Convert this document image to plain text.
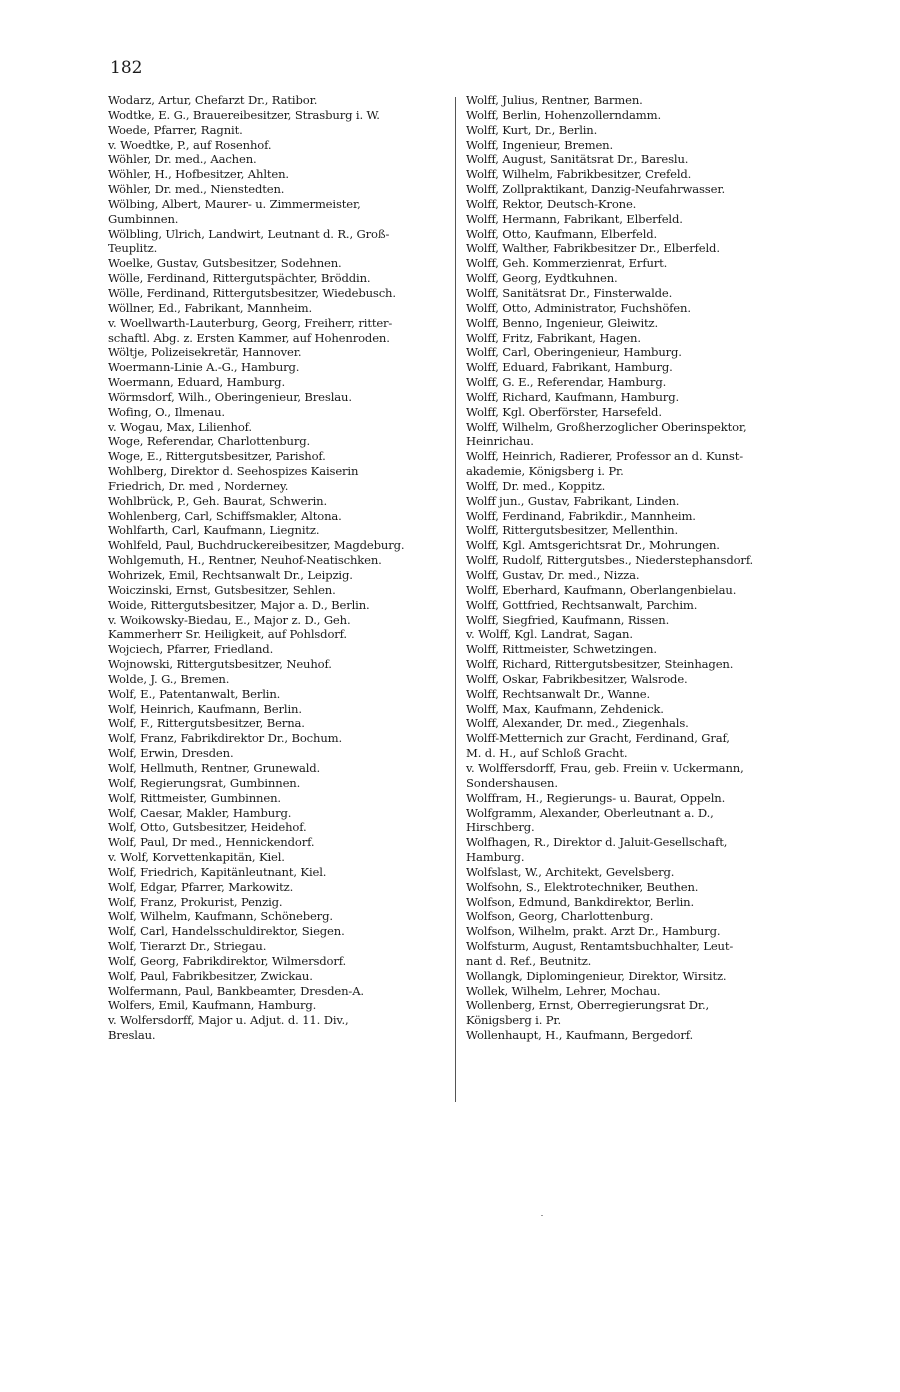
182

Wodarz, Artur, Chefarzt Dr., Ratibor.

Wodtke, E. G., Brauereibesitzer, Strasburg i. W.

Woede, Pfarrer, Ragnit.

v. Woedtke, P., auf Rosenhof.

Wöhler, Dr. med., Aachen.

Wöhler, H., Hofbesitzer, Ahlten.

Wöhler, Dr. med., Nienstedten.

Wölbing, Albert, Maurer- u. Zimmermeister,
Gumbinnen.

Wölbling, Ulrich, Landwirt, Leutnant d. R., Groß-
Teuplitz.

Woelke, Gustav, Gutsbesitzer, Sodehnen.

Wölle, Ferdinand, Rittergutspächter, Bröddin.

Wölle, Ferdinand, Rittergutsbesitzer, Wiedebusch.

Wöllner, Ed., Fabrikant, Mannheim.

v. Woellwarth-Lauterburg, Georg, Freiherr, ritter-
schaftl. Abg. z. Ersten Kammer, auf Hohenroden.

Wöltje, Polizeisekretär, Hannover.

Woermann-Linie A.-G., Hamburg.

Woermann, Eduard, Hamburg.

Wörmsdorf, Wilh., Oberingenieur, Breslau.

Wofing, O., Ilmenau.

v. Wogau, Max, Lilienhof.

Woge, Referendar, Charlottenburg.

Woge, E., Rittergutsbesitzer, Parishof.

Wohlberg, Direktor d. Seehospizes Kaiserin
Friedrich, Dr. med , Norderney.

Wohlbrück, P., Geh. Baurat, Schwerin.

Wohlenberg, Carl, Schiffsmakler, Altona.

Wohlfarth, Carl, Kaufmann, Liegnitz.

Wohlfeld, Paul, Buchdruckereibesitzer, Magdeburg.

Wohlgemuth, H., Rentner, Neuhof-Neatischken.

Wohrizek, Emil, Rechtsanwalt Dr., Leipzig.

Woiczinski, Ernst, Gutsbesitzer, Sehlen.

Woide, Rittergutsbesitzer, Major a. D., Berlin.

v. Woikowsky-Biedau, E., Major z. D., Geh.
Kammerherr Sr. Heiligkeit, auf Pohlsdorf.

Wojciech, Pfarrer, Friedland.

Wojnowski, Rittergutsbesitzer, Neuhof.

Wolde, J. G., Bremen.

Wolf, E., Patentanwalt, Berlin.

Wolf, Heinrich, Kaufmann, Berlin.

Wolf, F., Rittergutsbesitzer, Berna.

Wolf, Franz, Fabrikdirektor Dr., Bochum.

Wolf, Erwin, Dresden.

Wolf, Hellmuth, Rentner, Grunewald.

Wolf, Regierungsrat, Gumbinnen.

Wolf, Rittmeister, Gumbinnen.

Wolf, Caesar, Makler, Hamburg.

Wolf, Otto, Gutsbesitzer, Heidehof.

Wolf, Paul, Dr med., Hennickendorf.

v. Wolf, Korvettenkapitän, Kiel.

Wolf, Friedrich, Kapitänleutnant, Kiel.

Wolf, Edgar, Pfarrer, Markowitz.

Wolf, Franz, Prokurist, Penzig.

Wolf, Wilhelm, Kaufmann, Schöneberg.

Wolf, Carl, Handelsschuldirektor, Siegen.

Wolf, Tierarzt Dr., Striegau.

Wolf, Georg, Fabrikdirektor, Wilmersdorf.

Wolf, Paul, Fabrikbesitzer, Zwickau.

Wolfermann, Paul, Bankbeamter, Dresden-A.

Wolfers, Emil, Kaufmann, Hamburg.

v. Wolfersdorff, Major u. Adjut. d. 11. Div.,
Breslau.

Wolff, Julius, Rentner, Barmen.

Wolff, Berlin, Hohenzollerndamm.

Wolff, Kurt, Dr., Berlin.

Wolff, Ingenieur, Bremen.

Wolff, August, Sanitätsrat Dr., Bareslu.

Wolff, Wilhelm, Fabrikbesitzer, Crefeld.

Wolff, Zollpraktikant, Danzig-Neufahrwasser.

Wolff, Rektor, Deutsch-Krone.

Wolff, Hermann, Fabrikant, Elberfeld.

Wolff, Otto, Kaufmann, Elberfeld.

Wolff, Walther, Fabrikbesitzer Dr., Elberfeld.

Wolff, Geh. Kommerzienrat, Erfurt.

Wolff, Georg, Eydtkuhnen.

Wolff, Sanitätsrat Dr., Finsterwalde.

Wolff, Otto, Administrator, Fuchshöfen.

Wolff, Benno, Ingenieur, Gleiwitz.

Wolff, Fritz, Fabrikant, Hagen.

Wolff, Carl, Oberingenieur, Hamburg.

Wolff, Eduard, Fabrikant, Hamburg.

Wolff, G. E., Referendar, Hamburg.

Wolff, Richard, Kaufmann, Hamburg.

Wolff, Kgl. Oberförster, Harsefeld.

Wolff, Wilhelm, Großherzoglicher Oberinspektor,
Heinrichau.

Wolff, Heinrich, Radierer, Professor an d. Kunst-
akademie, Königsberg i. Pr.

Wolff, Dr. med., Koppitz.

Wolff jun., Gustav, Fabrikant, Linden.

Wolff, Ferdinand, Fabrikdir., Mannheim.

Wolff, Rittergutsbesitzer, Mellenthin.

Wolff, Kgl. Amtsgerichtsrat Dr., Mohrungen.

Wolff, Rudolf, Rittergutsbes., Niederstephansdorf.

Wolff, Gustav, Dr. med., Nizza.

Wolff, Eberhard, Kaufmann, Oberlangenbielau.

Wolff, Gottfried, Rechtsanwalt, Parchim.

Wolff, Siegfried, Kaufmann, Rissen.

v. Wolff, Kgl. Landrat, Sagan.

Wolff, Rittmeister, Schwetzingen.

Wolff, Richard, Rittergutsbesitzer, Steinhagen.

Wolff, Oskar, Fabrikbesitzer, Walsrode.

Wolff, Rechtsanwalt Dr., Wanne.

Wolff, Max, Kaufmann, Zehdenick.

Wolff, Alexander, Dr. med., Ziegenhals.

Wolff-Metternich zur Gracht, Ferdinand, Graf,
M. d. H., auf Schloß Gracht.

v. Wolffersdorff, Frau, geb. Freiin v. Uckermann,
Sondershausen.

Wolffram, H., Regierungs- u. Baurat, Oppeln.

Wolfgramm, Alexander, Oberleutnant a. D.,
Hirschberg.

Wolfhagen, R., Direktor d. Jaluit-Gesellschaft,
Hamburg.

Wolfslast, W., Architekt, Gevelsberg.

Wolfsohn, S., Elektrotechniker, Beuthen.

Wolfson, Edmund, Bankdirektor, Berlin.

Wolfson, Georg, Charlottenburg.

Wolfson, Wilhelm, prakt. Arzt Dr., Hamburg.

Wolfsturm, August, Rentamtsbuchhalter, Leut-
nant d. Ref., Beutnitz.

Wollangk, Diplomingenieur, Direktor, Wirsitz.

Wollek, Wilhelm, Lehrer, Mochau.

Wollenberg, Ernst, Oberregierungsrat Dr.,
Königsberg i. Pr.

Wollenhaupt, H., Kaufmann, Bergedorf.
